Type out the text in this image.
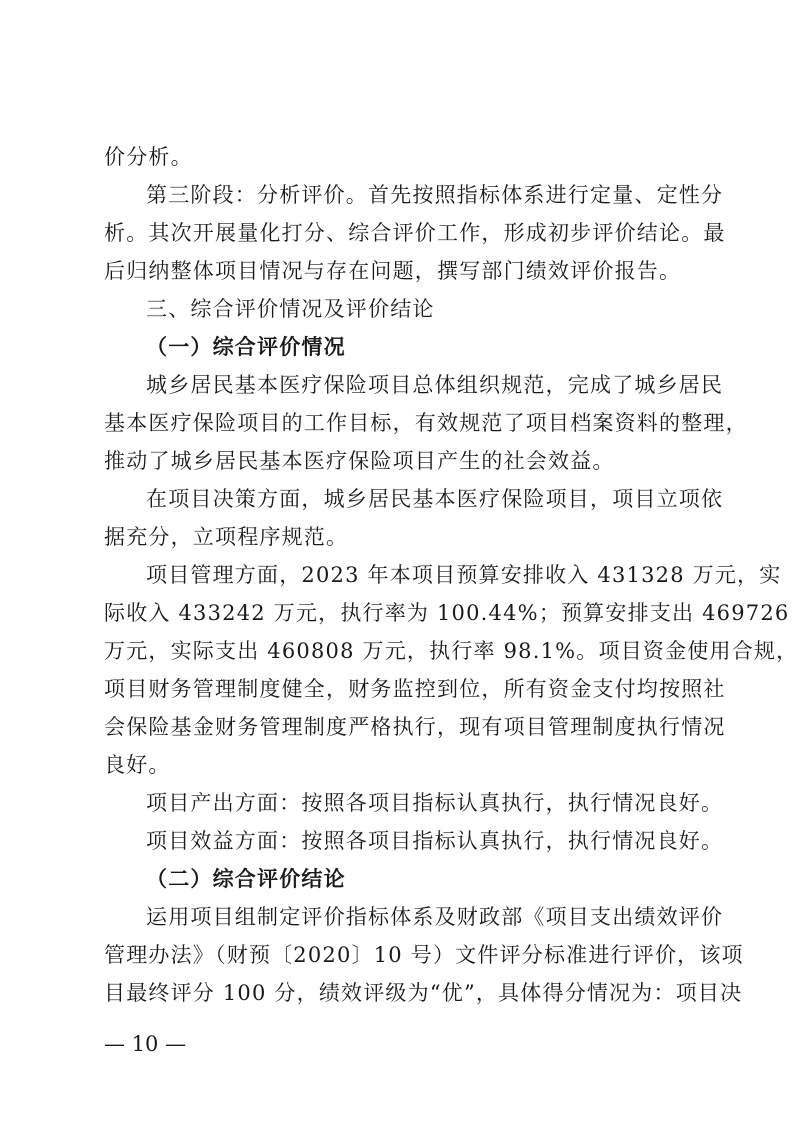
价分析。
第三阶段：分析评价。首先按照指标体系进行定量、定性分
析。其次开展量化打分、综合评价工作，形成初步评价结论。最
后归纳整体项目情况与存在问题，撰写部门绩效评价报告。
三、综合评价情况及评价结论
（一）综合评价情况
城乡居民基本医疗保险项目总体组织规范，完成了城乡居民
基本医疗保险项目的工作目标，有效规范了项目档案资料的整理，
推动了城乡居民基本医疗保险项目产生的社会效益。
在项目决策方面，城乡居民基本医疗保险项目，项目立项依
据充分，立项程序规范。
项目管理方面，2023 年本项目预算安排收入 431328 万元，实
际收入 433242 万元，执行率为 100.44%；预算安排支出 469726
万元，实际支出 460808 万元，执行率 98.1%。项目资金使用合规，
项目财务管理制度健全，财务监控到位，所有资金支付均按照社
会保险基金财务管理制度严格执行，现有项目管理制度执行情况
良好。
项目产出方面：按照各项目指标认真执行，执行情况良好。
项目效益方面：按照各项目指标认真执行，执行情况良好。
（二）综合评价结论
运用项目组制定评价指标体系及财政部《项目支出绩效评价
管理办法》（财预〔2020〕10 号）文件评分标准进行评价，该项
目最终评分 100 分，绩效评级为“优”，具体得分情况为：项目决
— 10 —
